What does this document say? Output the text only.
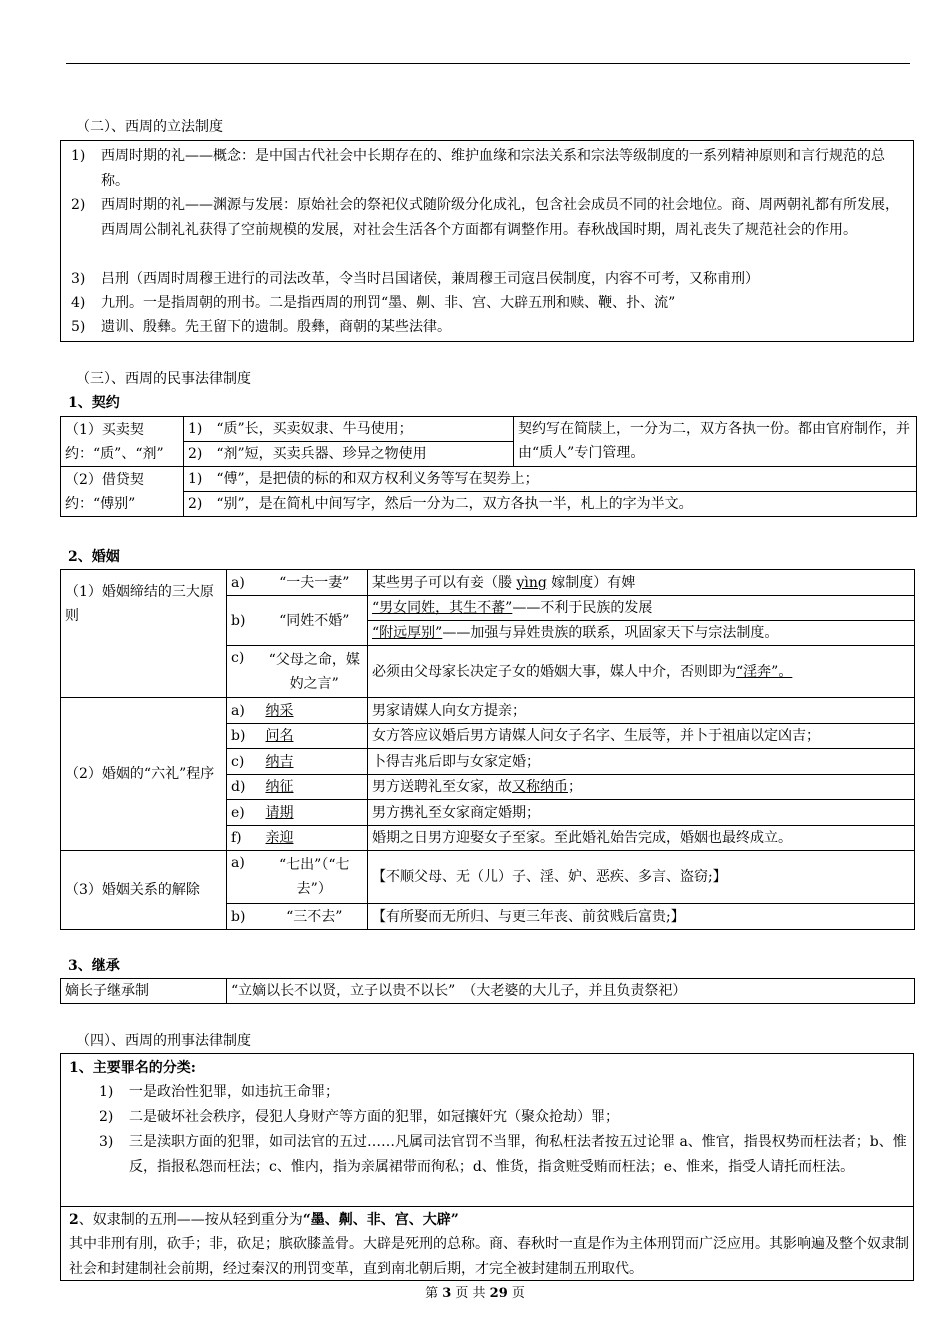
（二）、西周的立法制度
1) 西周时期的礼——概念：是中国古代社会中长期存在的、维护血缘和宗法关系和宗法等级制度的一系列精神原则和言行规范的总称。
2) 西周时期的礼——渊源与发展：原始社会的祭祀仪式随阶级分化成礼，包含社会成员不同的社会地位。商、周两朝礼都有所发展，西周周公制礼礼获得了空前规模的发展，对社会生活各个方面都有调整作用。春秋战国时期，周礼丧失了规范社会的作用。
3) 吕刑（西周时周穆王进行的司法改革，令当时吕国诸侯，兼周穆王司寇吕侯制度，内容不可考，又称甫刑）
4) 九刑。一是指周朝的刑书。二是指西周的刑罚“墨、劓、非、宫、大辟五刑和赎、鞭、扑、流”
5) 遗训、殷彝。先王留下的遗制。殷彝，商朝的某些法律。
（三）、西周的民事法律制度
1、契约
（1）买卖契约：“质”、“剂”	1)　“质”长，买卖奴隶、牛马使用；	契约写在简牍上，一分为二，双方各执一份。都由官府制作，并由“质人”专门管理。
	2)　“剂”短，买卖兵器、珍异之物使用	
（2）借贷契约：“傅别”	1)　“傅”，是把债的标的和双方权利义务等写在契券上；	
	2)　“别”，是在简札中间写字，然后一分为二，双方各执一半，札上的字为半文。	
2、婚姻
（1）婚姻缔结的三大原则	a)	“一夫一妻”	某些男子可以有妾（媵 yìng 嫁制度）有婢
	b)	“同姓不婚”	“男女同姓，其生不蕃”——不利于民族的发展
			“附远厚别”——加强与异姓贵族的联系，巩固家天下与宗法制度。
	c)	“父母之命，媒妁之言”	必须由父母家长决定子女的婚姻大事，媒人中介，否则即为“淫奔”。
（2）婚姻的“六礼”程序	a)	纳采	男家请媒人向女方提亲；
	b)	问名	女方答应议婚后男方请媒人问女子名字、生辰等，并卜于祖庙以定凶吉；
	c)	纳吉	卜得吉兆后即与女家定婚；
	d)	纳征	男方送聘礼至女家，故又称纳币；
	e)	请期	男方携礼至女家商定婚期；
	f)	亲迎	婚期之日男方迎娶女子至家。至此婚礼始告完成，婚姻也最终成立。
（3）婚姻关系的解除	a)	“七出”（“七去”）	【不顺父母、无（儿）子、淫、妒、恶疾、多言、盗窃;】
	b)	“三不去”	【有所娶而无所归、与更三年丧、前贫贱后富贵;】
3、继承
嫡长子继承制	“立嫡以长不以贤，立子以贵不以长”　（大老婆的大儿子，并且负责祭祀）
（四）、西周的刑事法律制度
1、主要罪名的分类:
1) 一是政治性犯罪，如违抗王命罪；
2) 二是破坏社会秩序，侵犯人身财产等方面的犯罪，如冠攘奸宄（聚众抢劫）罪；
3) 三是渎职方面的犯罪，如司法官的五过……凡属司法官罚不当罪，徇私枉法者按五过论罪 a、惟官，指畏权势而枉法者；b、惟反，指报私怨而枉法；c、惟内，指为亲属裙带而徇私；d、惟货，指贪赃受贿而枉法；e、惟来，指受人请托而枉法。
2、奴隶制的五刑——按从轻到重分为“墨、劓、非、宫、大辟”
其中非刑有刖，砍手；非，砍足；膑砍膝盖骨。大辟是死刑的总称。商、春秋时一直是作为主体刑罚而广泛应用。其影响遍及整个奴隶制社会和封建制社会前期，经过秦汉的刑罚变革，直到南北朝后期，才完全被封建制五刑取代。
第 3 页 共 29 页
